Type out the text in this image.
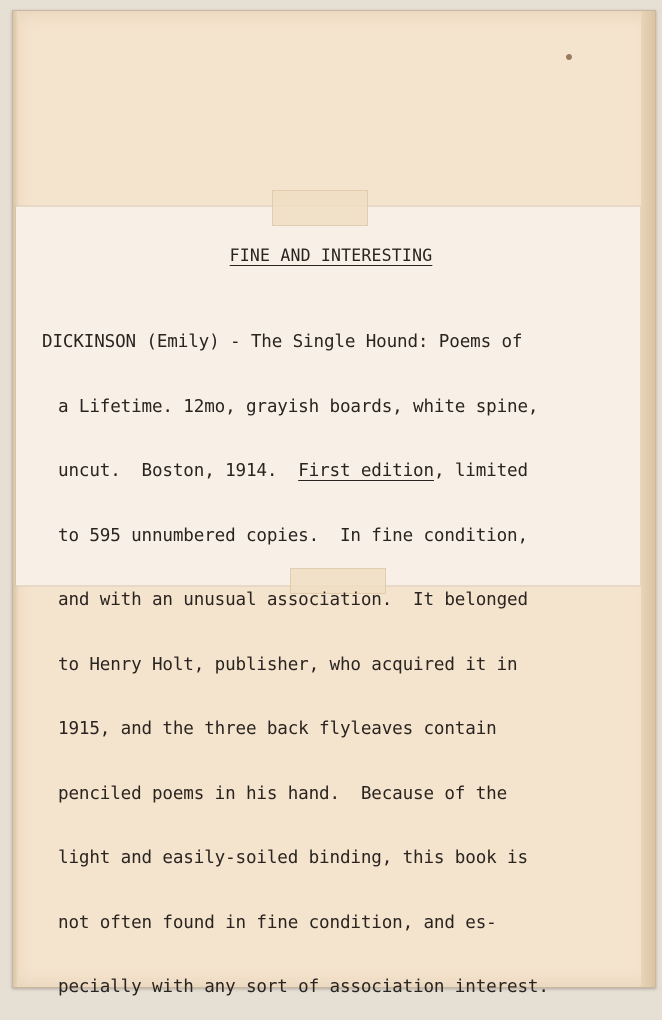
FINE AND INTERESTING

DICKINSON (Emily) - The Single Hound: Poems of

a Lifetime. 12mo, grayish boards, white spine,

uncut.  Boston, 1914.  First edition, limited

to 595 unnumbered copies.  In fine condition,

and with an unusual association.  It belonged

to Henry Holt, publisher, who acquired it in

1915, and the three back flyleaves contain

penciled poems in his hand.  Because of the

light and easily-soiled binding, this book is

not often found in fine condition, and es-

pecially with any sort of association interest.
